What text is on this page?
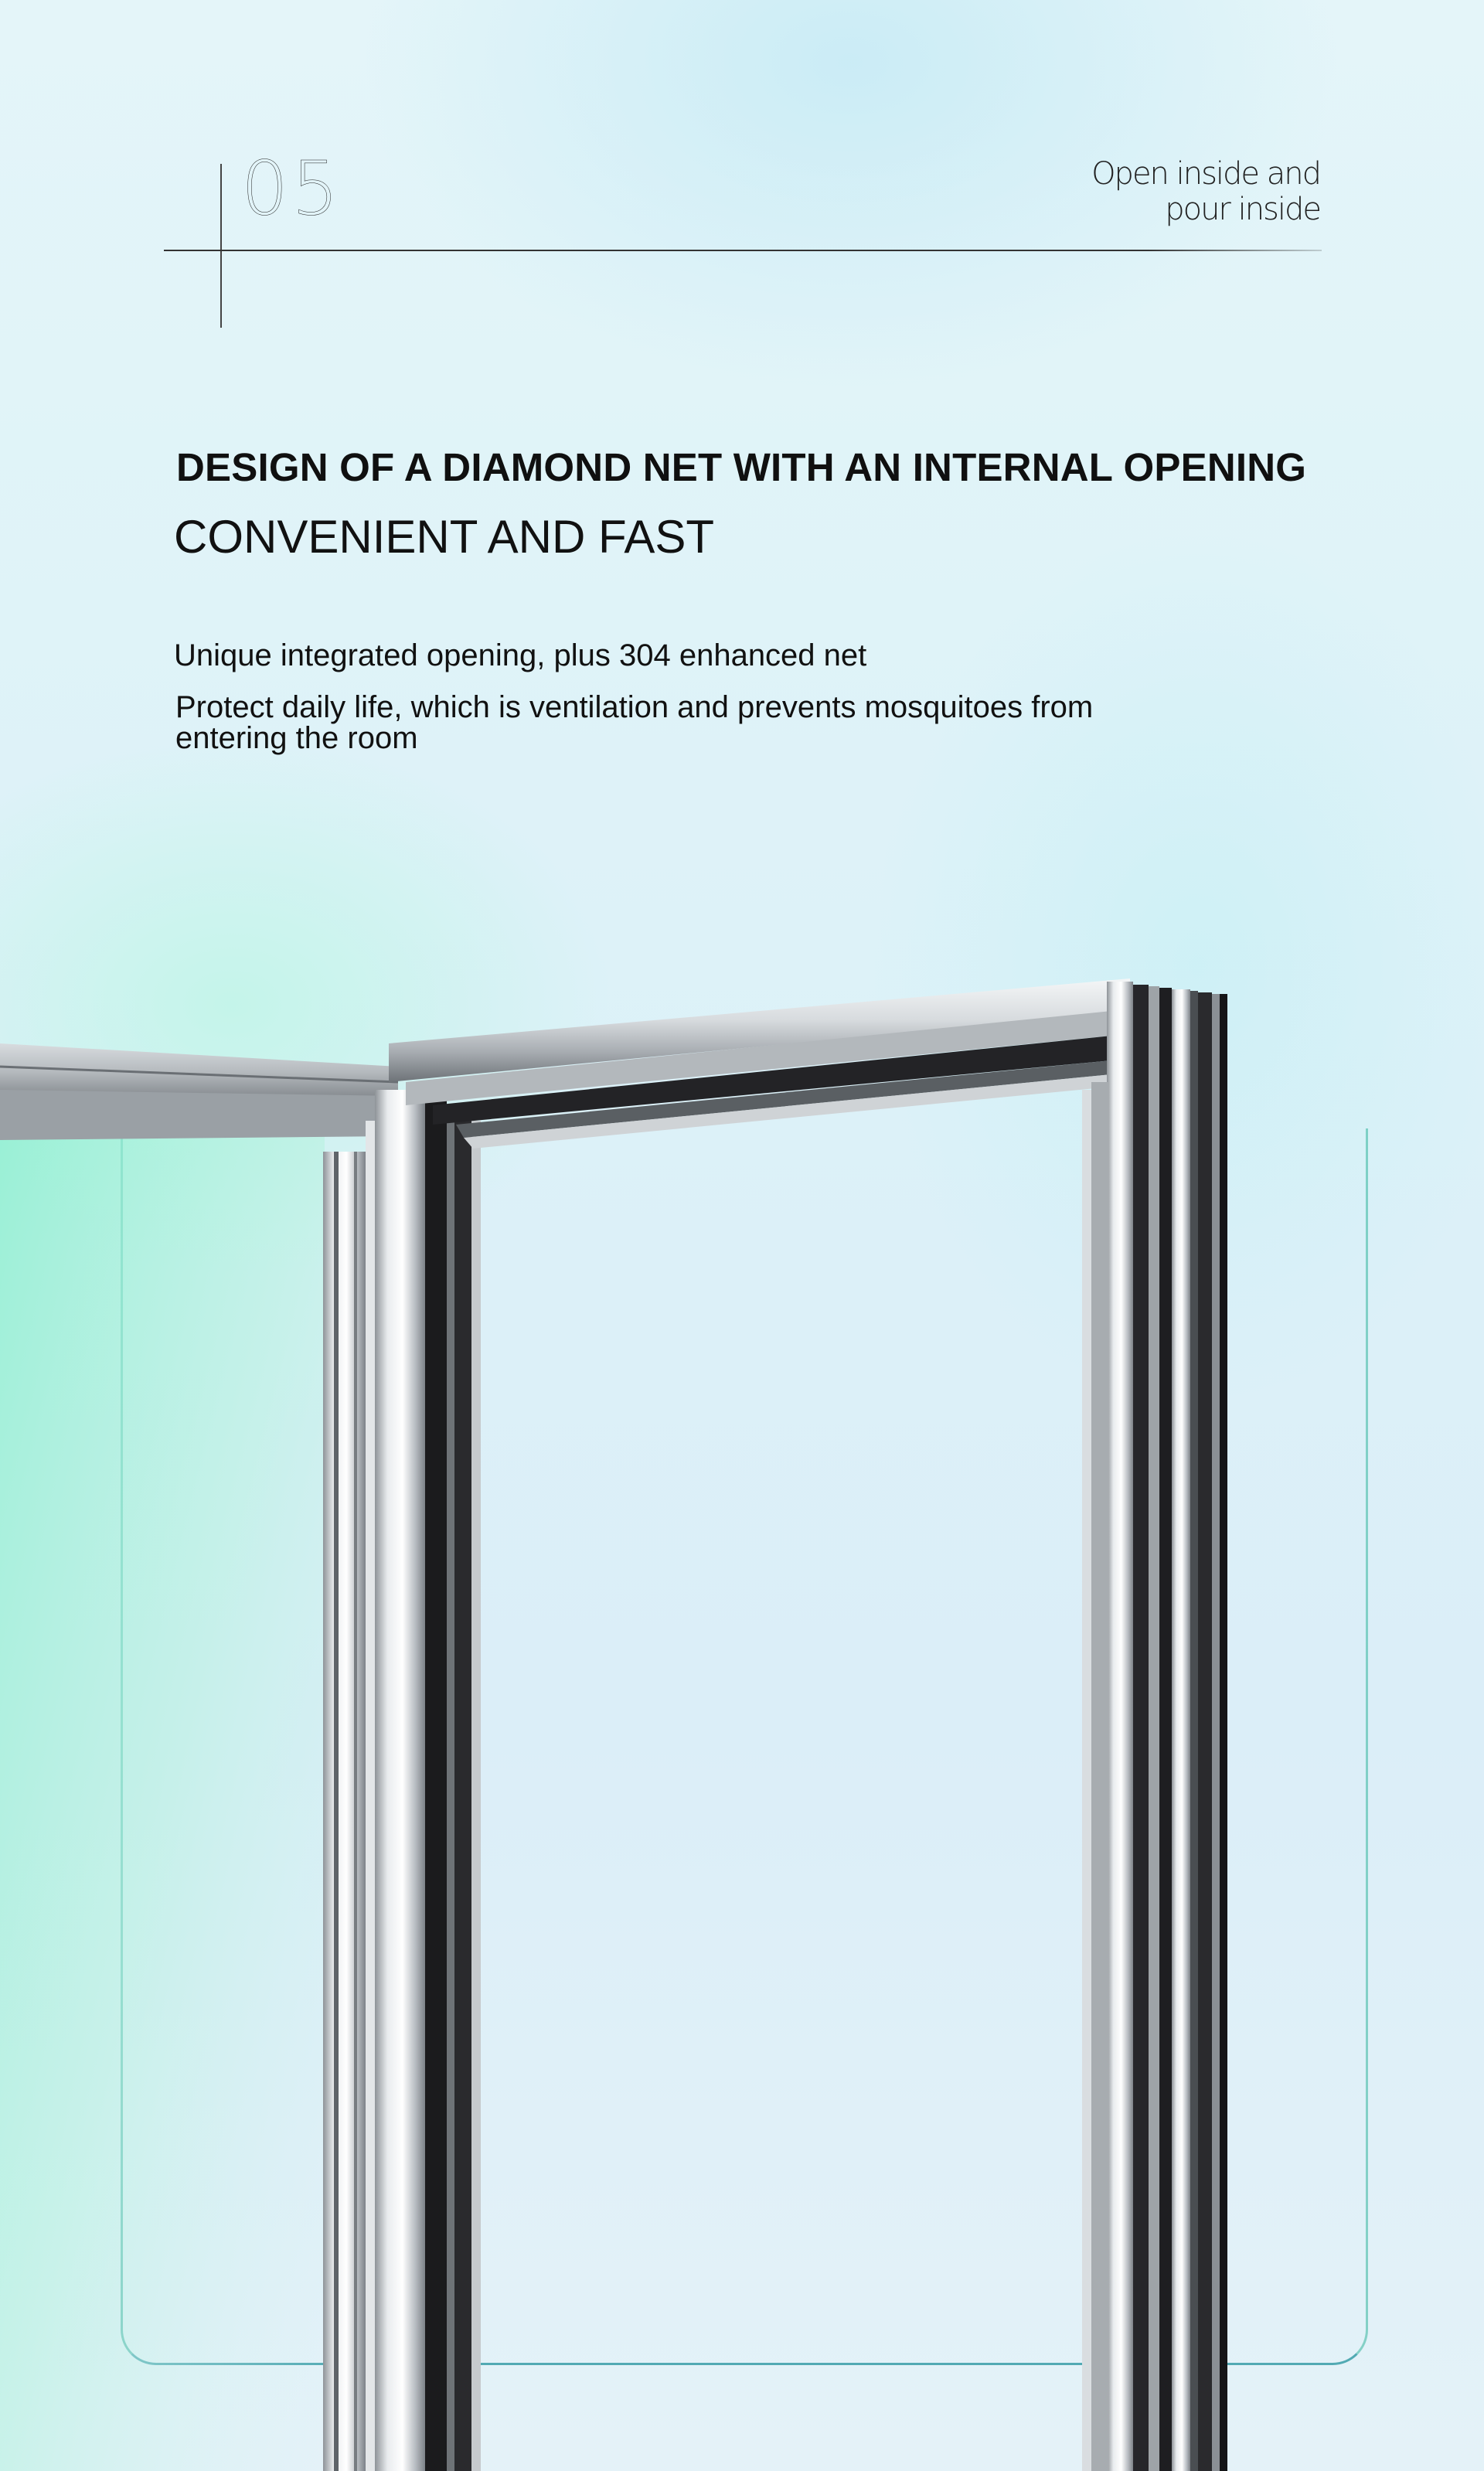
05	Open inside and
pour inside
DESIGN OF A DIAMOND NET WITH AN INTERNAL OPENING
CONVENIENT AND FAST
Unique integrated opening, plus 304 enhanced net
Protect daily life, which is ventilation and prevents mosquitoes from entering the room
